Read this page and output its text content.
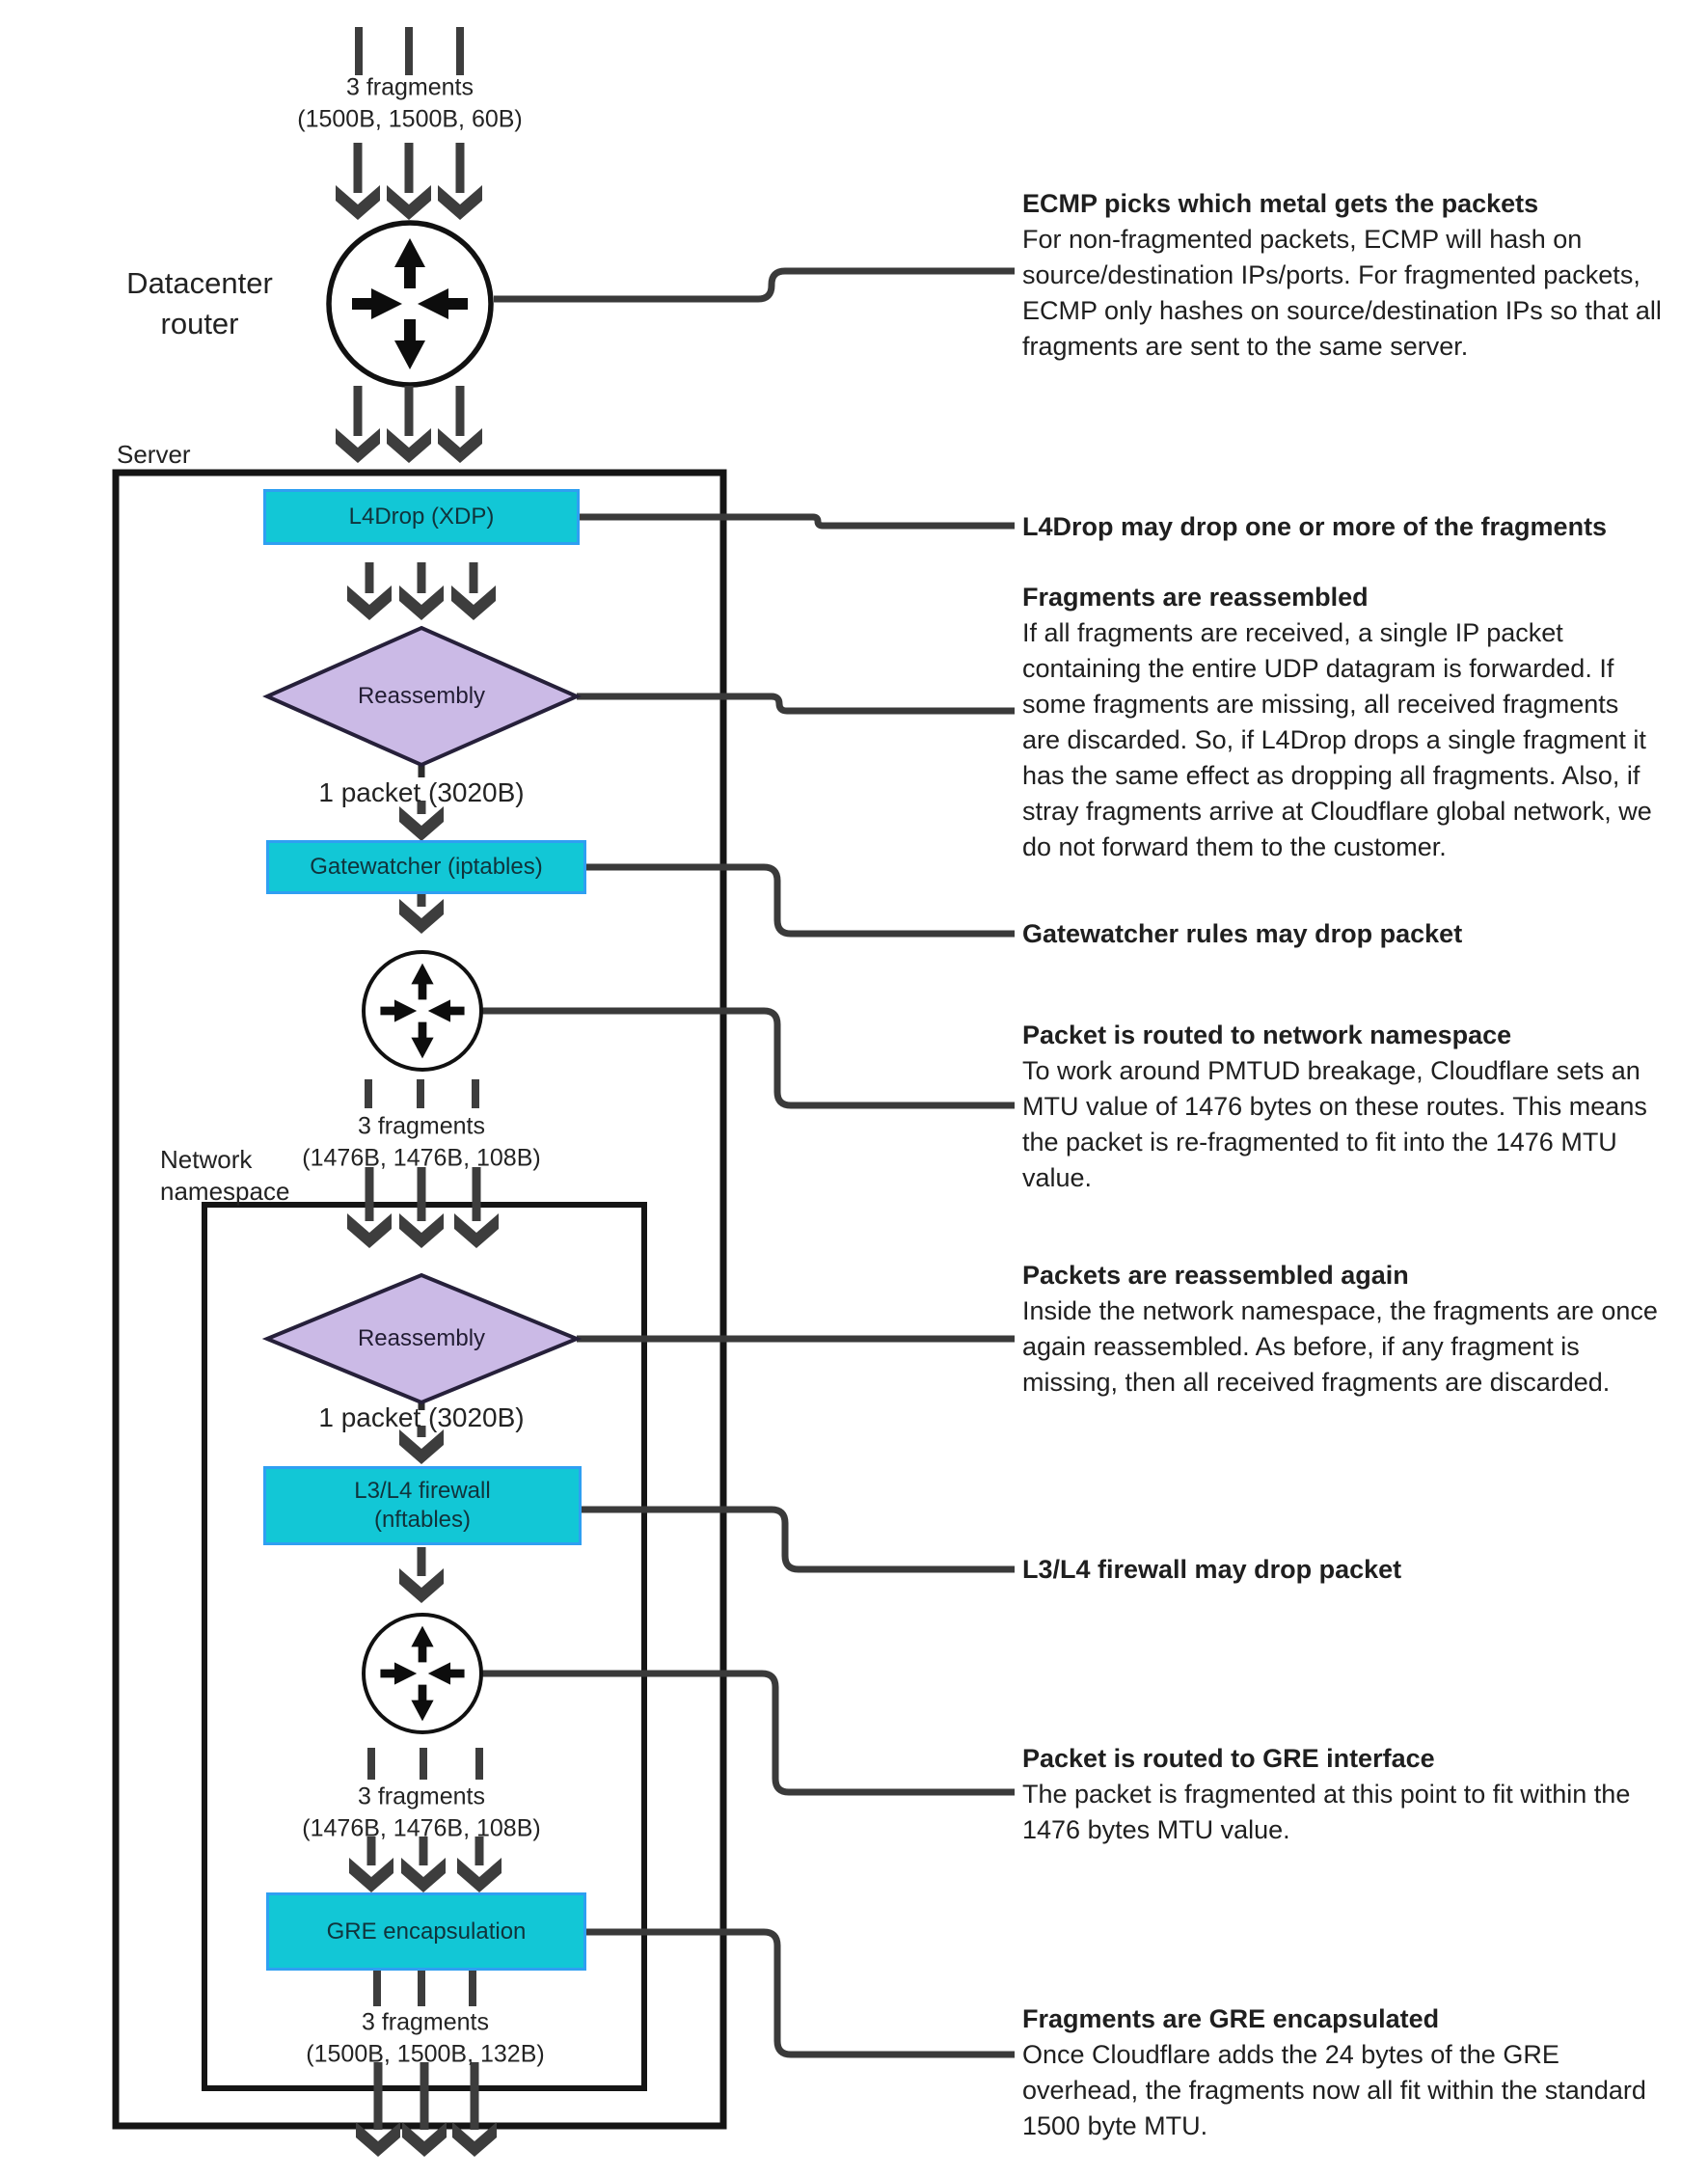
3 fragments
(1500B, 1500B, 60B)
Datacenter
router
Server
Network
namespace
L4Drop (XDP)
Reassembly
1 packet (3020B)
Gatewatcher (iptables)
3 fragments
(1476B, 1476B, 108B)
Reassembly
1 packet (3020B)
L3/L4 firewall
(nftables)
3 fragments
(1476B, 1476B, 108B)
GRE encapsulation
3 fragments
(1500B, 1500B, 132B)
ECMP picks which metal gets the packets
For non-fragmented packets, ECMP will hash on
source/destination IPs/ports. For fragmented packets,
ECMP only hashes on source/destination IPs so that all
fragments are sent to the same server.
L4Drop may drop one or more of the fragments
Fragments are reassembled
If all fragments are received, a single IP packet
containing the entire UDP datagram is forwarded. If
some fragments are missing, all received fragments
are discarded. So, if L4Drop drops a single fragment it
has the same effect as dropping all fragments. Also, if
stray fragments arrive at Cloudflare global network, we
do not forward them to the customer.
Gatewatcher rules may drop packet
Packet is routed to network namespace
To work around PMTUD breakage, Cloudflare sets an
MTU value of 1476 bytes on these routes. This means
the packet is re-fragmented to fit into the 1476 MTU
value.
Packets are reassembled again
Inside the network namespace, the fragments are once
again reassembled. As before, if any fragment is
missing, then all received fragments are discarded.
L3/L4 firewall may drop packet
Packet is routed to GRE interface
The packet is fragmented at this point to fit within the
1476 bytes MTU value.
Fragments are GRE encapsulated
Once Cloudflare adds the 24 bytes of the GRE
overhead, the fragments now all fit within the standard
1500 byte MTU.
